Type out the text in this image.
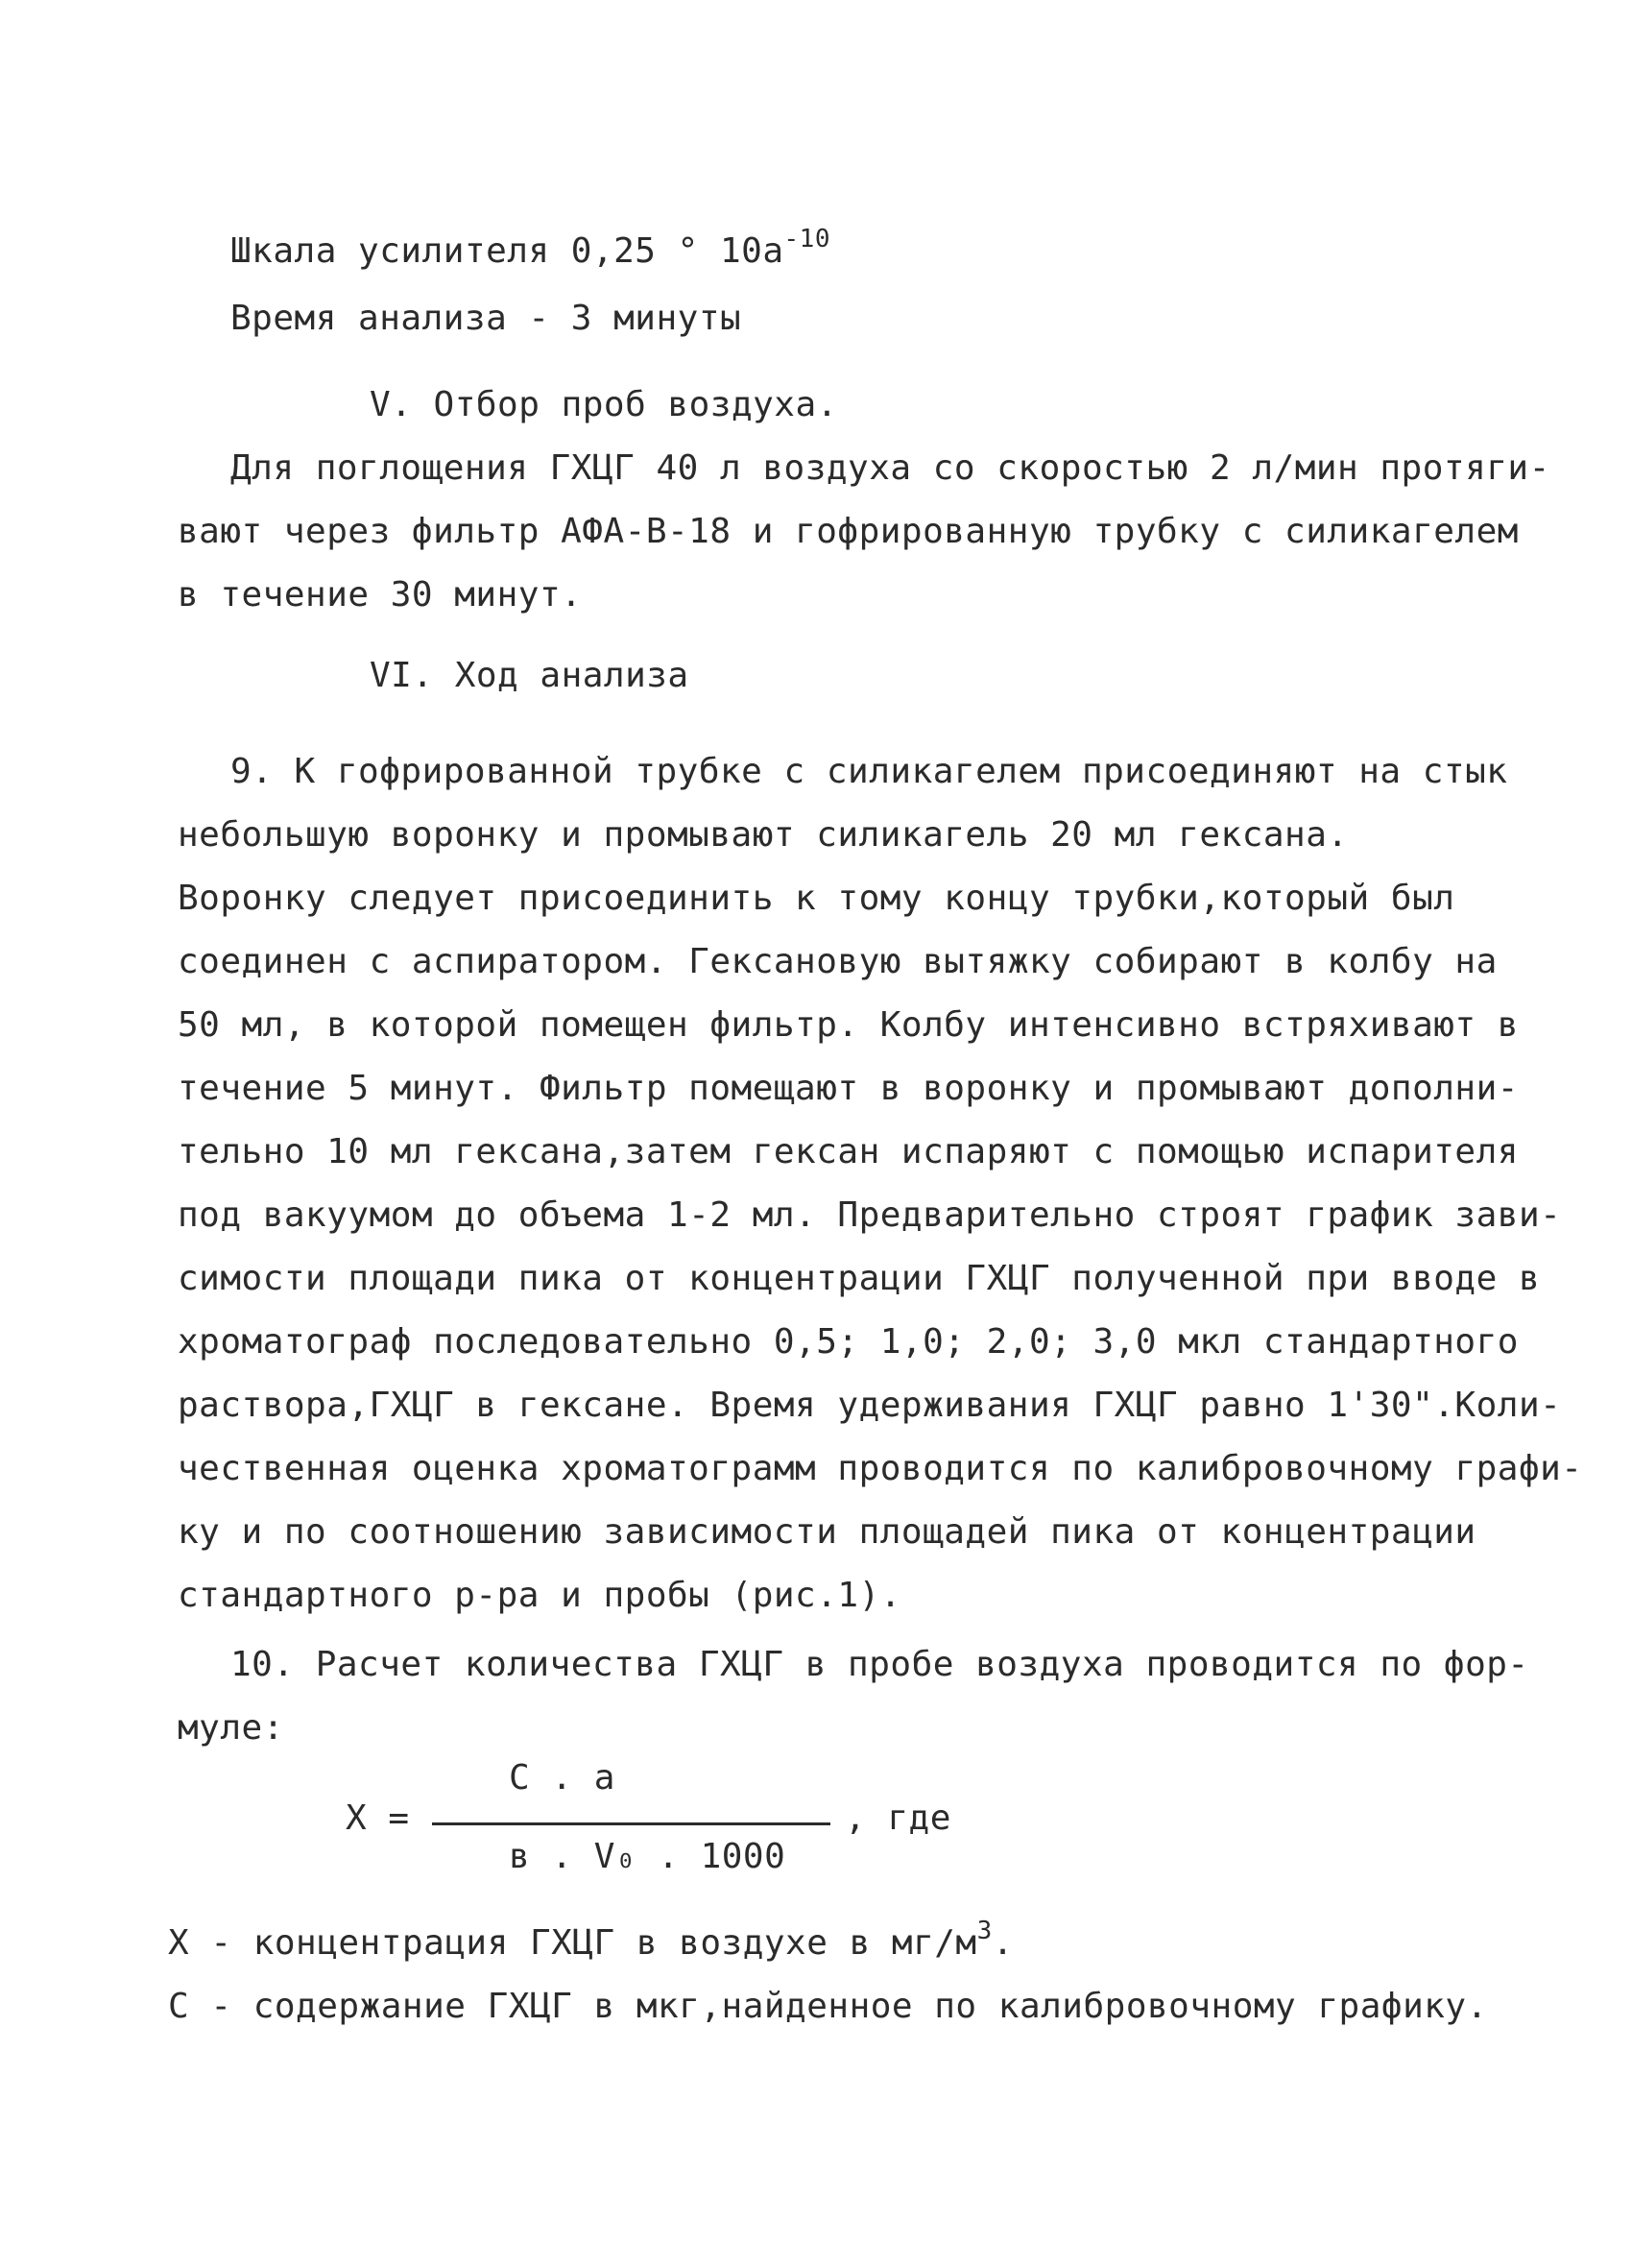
Шкала усилителя 0,25 ° $10а^{-10}$
Время анализа - 3 минуты
V. Отбор проб воздуха.
Для поглощения ГХЦГ 40 л воздуха со скоростью 2 л/мин протяги-
вают через фильтр АФА-В-18 и гофрированную трубку с силикагелем
в течение 30 минут.
VI. Ход анализа
9. К гофрированной трубке с силикагелем присоединяют на стык
небольшую воронку и промывают силикагель 20 мл гексана.
Воронку следует присоединить к тому концу трубки,который был
соединен с аспиратором. Гексановую вытяжку собирают в колбу на
50 мл, в которой помещен фильтр. Колбу интенсивно встряхивают в
течение 5 минут. Фильтр помещают в воронку и промывают дополни-
тельно 10 мл гексана,затем гексан испаряют с помощью испарителя
под вакуумом до объема 1-2 мл. Предварительно строят график зави-
симости площади пика от концентрации ГХЦГ полученной при вводе в
хроматограф последовательно 0,5; 1,0; 2,0; 3,0 мкл стандартного
раствора,ГХЦГ в гексане. Время удерживания ГХЦГ равно 1'30".Коли-
чественная оценка хроматограмм проводится по калибровочному графи-
ку и по соотношению зависимости площадей пика от концентрации
стандартного р-ра и пробы (рис.1).
10. Расчет количества ГХЦГ в пробе воздуха проводится по фор-
муле:
Х =
С . а
в . V₀ . 1000
, где
Х - концентрация ГХЦГ в воздухе в $мг/м^3$.
С - содержание ГХЦГ в мкг,найденное по калибровочному графику.
